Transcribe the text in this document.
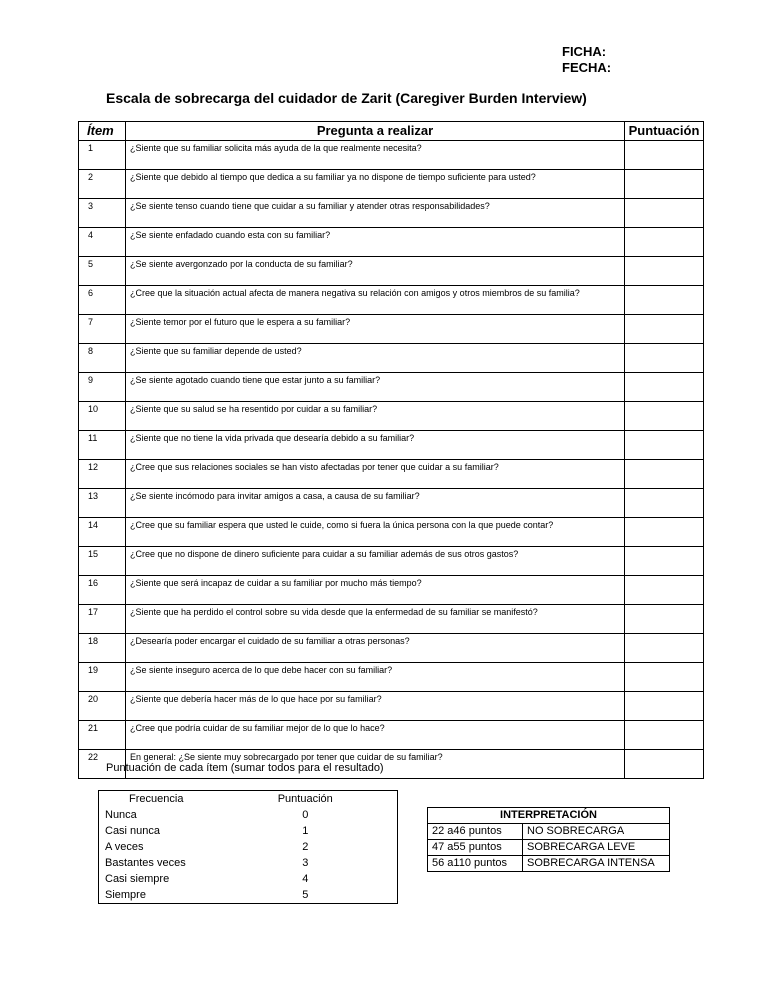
FICHA:
FECHA:
Escala de sobrecarga del cuidador de Zarit (Caregiver Burden Interview)
Ítem	Pregunta a realizar	Puntuación
1	¿Siente que su familiar solicita más ayuda de la que realmente necesita?	
2	¿Siente que debido al tiempo que dedica a su familiar ya no dispone de tiempo suficiente para usted?	
3	¿Se siente tenso cuando tiene que cuidar a su familiar y atender otras responsabilidades?	
4	¿Se siente enfadado cuando esta con su familiar?	
5	¿Se siente avergonzado por la conducta de su familiar?	
6	¿Cree que la situación actual afecta de manera negativa su relación con amigos y otros miembros de su familia?	
7	¿Siente temor por el futuro que le espera a su familiar?	
8	¿Siente que su familiar depende de usted?	
9	¿Se siente agotado cuando tiene que estar junto a su familiar?	
10	¿Siente que su salud se ha resentido por cuidar a su familiar?	
11	¿Siente que no tiene la vida privada que desearía debido a su familiar?	
12	¿Cree que sus relaciones sociales se han visto afectadas por tener que cuidar a su familiar?	
13	¿Se siente incómodo para invitar amigos a casa, a causa de su familiar?	
14	¿Cree que su familiar espera que usted le cuide, como si fuera la única persona con la que puede contar?	
15	¿Cree que no dispone de dinero suficiente para cuidar a su familiar además de sus otros gastos?	
16	¿Siente que será incapaz de cuidar a su familiar por mucho más tiempo?	
17	¿Siente que ha perdido el control sobre su vida desde que la enfermedad de su familiar se manifestó?	
18	¿Desearía poder encargar el cuidado de su familiar a otras personas?	
19	¿Se siente inseguro acerca de lo que debe hacer con su familiar?	
20	¿Siente que debería hacer más de lo que hace por su familiar?	
21	¿Cree que podría cuidar de su familiar mejor de lo que lo hace?	
22	En general: ¿Se siente muy sobrecargado por tener que cuidar de su familiar?	
Puntuación de cada ítem (sumar todos para el resultado)
Frecuencia	Puntuación
Nunca	0
Casi nunca	1
A veces	2
Bastantes veces	3
Casi siempre	4
Siempre	5
INTERPRETACIÓN	
22 a46 puntos	NO SOBRECARGA
47 a55 puntos	SOBRECARGA LEVE
56 a110 puntos	SOBRECARGA INTENSA
